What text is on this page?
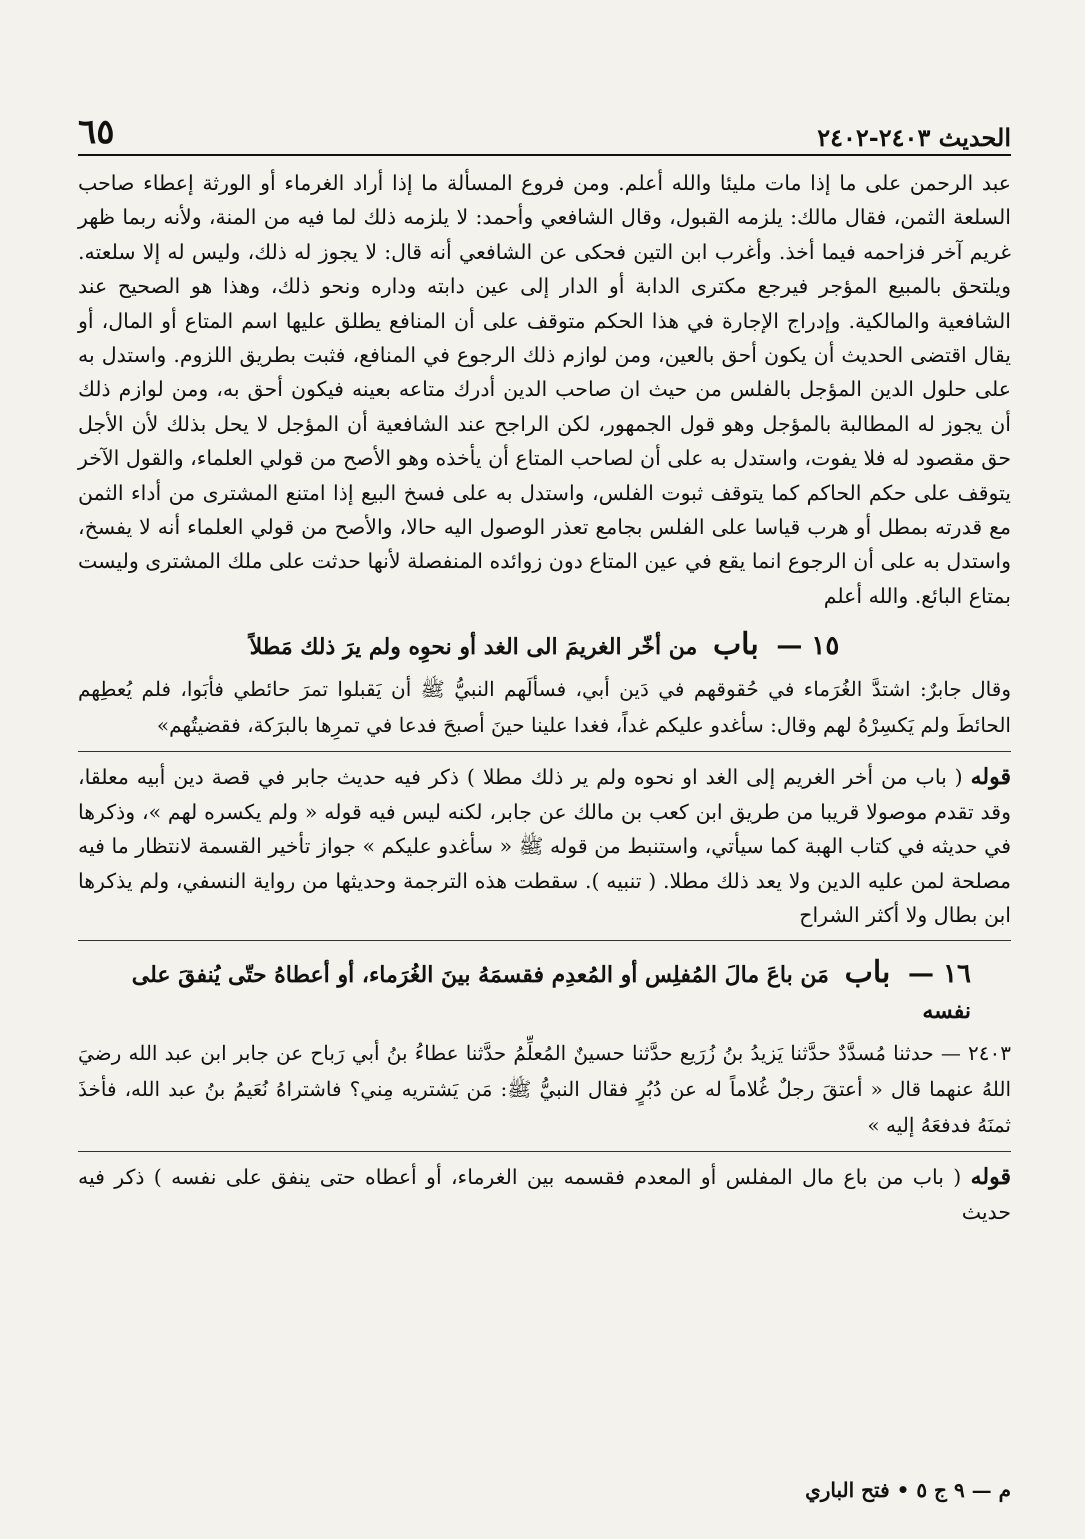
الحديث ٢٤٠٣-٢٤٠٢
٦٥

عبد الرحمن على ما إذا مات مليئا والله أعلم. ومن فروع المسألة ما إذا أراد الغرماء أو الورثة إعطاء صاحب السلعة الثمن، فقال مالك: يلزمه القبول، وقال الشافعي وأحمد: لا يلزمه ذلك لما فيه من المنة، ولأنه ربما ظهر غريم آخر فزاحمه فيما أخذ. وأغرب ابن التين فحكى عن الشافعي أنه قال: لا يجوز له ذلك، وليس له إلا سلعته. ويلتحق بالمبيع المؤجر فيرجع مكترى الدابة أو الدار إلى عين دابته وداره ونحو ذلك، وهذا هو الصحيح عند الشافعية والمالكية. وإدراج الإجارة في هذا الحكم متوقف على أن المنافع يطلق عليها اسم المتاع أو المال، أو يقال اقتضى الحديث أن يكون أحق بالعين، ومن لوازم ذلك الرجوع في المنافع، فثبت بطريق اللزوم. واستدل به على حلول الدين المؤجل بالفلس من حيث ان صاحب الدين أدرك متاعه بعينه فيكون أحق به، ومن لوازم ذلك أن يجوز له المطالبة بالمؤجل وهو قول الجمهور، لكن الراجح عند الشافعية أن المؤجل لا يحل بذلك لأن الأجل حق مقصود له فلا يفوت، واستدل به على أن لصاحب المتاع أن يأخذه وهو الأصح من قولي العلماء، والقول الآخر يتوقف على حكم الحاكم كما يتوقف ثبوت الفلس، واستدل به على فسخ البيع إذا امتنع المشترى من أداء الثمن مع قدرته بمطل أو هرب قياسا على الفلس بجامع تعذر الوصول اليه حالا، والأصح من قولي العلماء أنه لا يفسخ، واستدل به على أن الرجوع انما يقع في عين المتاع دون زوائده المنفصلة لأنها حدثت على ملك المشترى وليست بمتاع البائع. والله أعلم

١٥ — باب من أخّر الغريمَ الى الغد أو نحوِه ولم يرَ ذلك مَطلاً

وقال جابرٌ: اشتدَّ الغُرَماء في حُقوقهم في دَين أبي، فسألَهم النبيُّ ﷺ أن يَقبلوا تمرَ حائطي فأبَوا، فلم يُعطِهم الحائطَ ولم يَكسِرْهُ لهم وقال: سأغدو عليكم غداً، فغدا علينا حينَ أصبحَ فدعا في تمرِها بالبرَكة، فقضيتُهم»

قوله ( باب من أخر الغريم إلى الغد او نحوه ولم ير ذلك مطلا ) ذكر فيه حديث جابر في قصة دين أبيه معلقا، وقد تقدم موصولا قريبا من طريق ابن كعب بن مالك عن جابر، لكنه ليس فيه قوله « ولم يكسره لهم »، وذكرها في حديثه في كتاب الهبة كما سيأتي، واستنبط من قوله ﷺ « سأغدو عليكم » جواز تأخير القسمة لانتظار ما فيه مصلحة لمن عليه الدين ولا يعد ذلك مطلا. ( تنبيه ). سقطت هذه الترجمة وحديثها من رواية النسفي، ولم يذكرها ابن بطال ولا أكثر الشراح

١٦ — باب مَن باعَ مالَ المُفلِس أو المُعدِم فقسمَهُ بينَ الغُرَماء، أو أعطاهُ حتّى يُنفقَ على نفسه

٢٤٠٣ — حدثنا مُسدَّدٌ حدَّثنا يَزيدُ بنُ زُرَيع حدَّثنا حسينٌ المُعلِّمُ حدَّثنا عطاءُ بنُ أبي رَباح عن جابر ابن عبد الله رضيَ اللهُ عنهما قال « أعتقَ رجلٌ غُلاماً له عن دُبُرٍ فقال النبيُّ ﷺ: مَن يَشتريه مِني؟ فاشتراهُ نُعَيمُ بنُ عبد الله، فأخذَ ثمنَهُ فدفعَهُ إليه »

قوله ( باب من باع مال المفلس أو المعدم فقسمه بين الغرماء، أو أعطاه حتى ينفق على نفسه ) ذكر فيه حديث

م — ٩ ج ٥ • فتح الباري
